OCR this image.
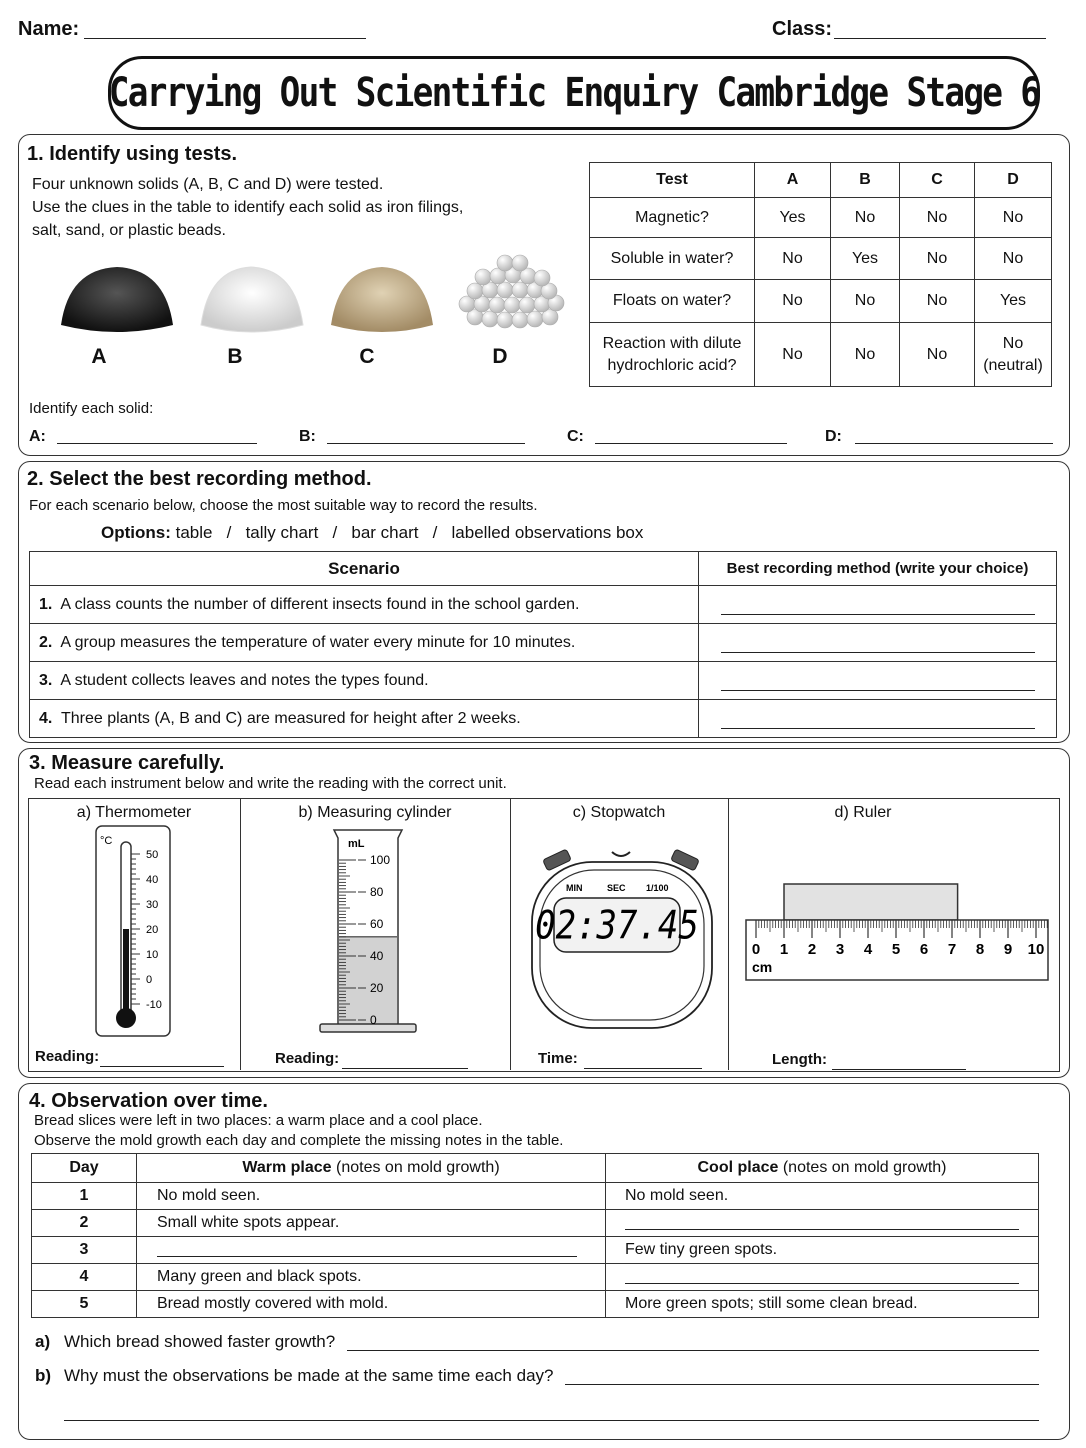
Name:	Class:
Carrying Out Scientific Enquiry Cambridge Stage 6
1. Identify using tests.
Four unknown solids (A, B, C and D) were tested.
Use the clues in the table to identify each solid as iron filings,
salt, sand, or plastic beads.
A	B	C	D
Test	A	B	C	D
Magnetic?	Yes	No	No	No
Soluble in water?	No	Yes	No	No
Floats on water?	No	No	No	Yes
Reaction with dilute hydrochloric acid?	No	No	No	No (neutral)
Identify each solid:
A:	B:	C:	D:
2. Select the best recording method.
For each scenario below, choose the most suitable way to record the results.
Options: table   /   tally chart   /   bar chart   /   labelled observations box
Scenario	Best recording method (write your choice)
1. A class counts the number of different insects found in the school garden.	
2. A group measures the temperature of water every minute for 10 minutes.	
3. A student collects leaves and notes the types found.	
4. Three plants (A, B and C) are measured for height after 2 weeks.	
3. Measure carefully.
Read each instrument below and write the reading with the correct unit.
a) Thermometer
50
40
30
20
10
0
-10
°C
Reading:
b) Measuring cylinder
100
80
60
40
20
0
mL
Reading:
c) Stopwatch
MIN	SEC 1/100
02:37.45
Time:
d) Ruler
0 1 2 3 4 5 6 7 8 9 10
cm
Length:
4. Observation over time.
Bread slices were left in two places: a warm place and a cool place.
Observe the mold growth each day and complete the missing notes in the table.
Day	Warm place (notes on mold growth)	Cool place (notes on mold growth)
1	No mold seen.	No mold seen.
2	Small white spots appear.	
3		Few tiny green spots.
4	Many green and black spots.	
5	Bread mostly covered with mold.	More green spots; still some clean bread.
a) Which bread showed faster growth?
b) Why must the observations be made at the same time each day?
